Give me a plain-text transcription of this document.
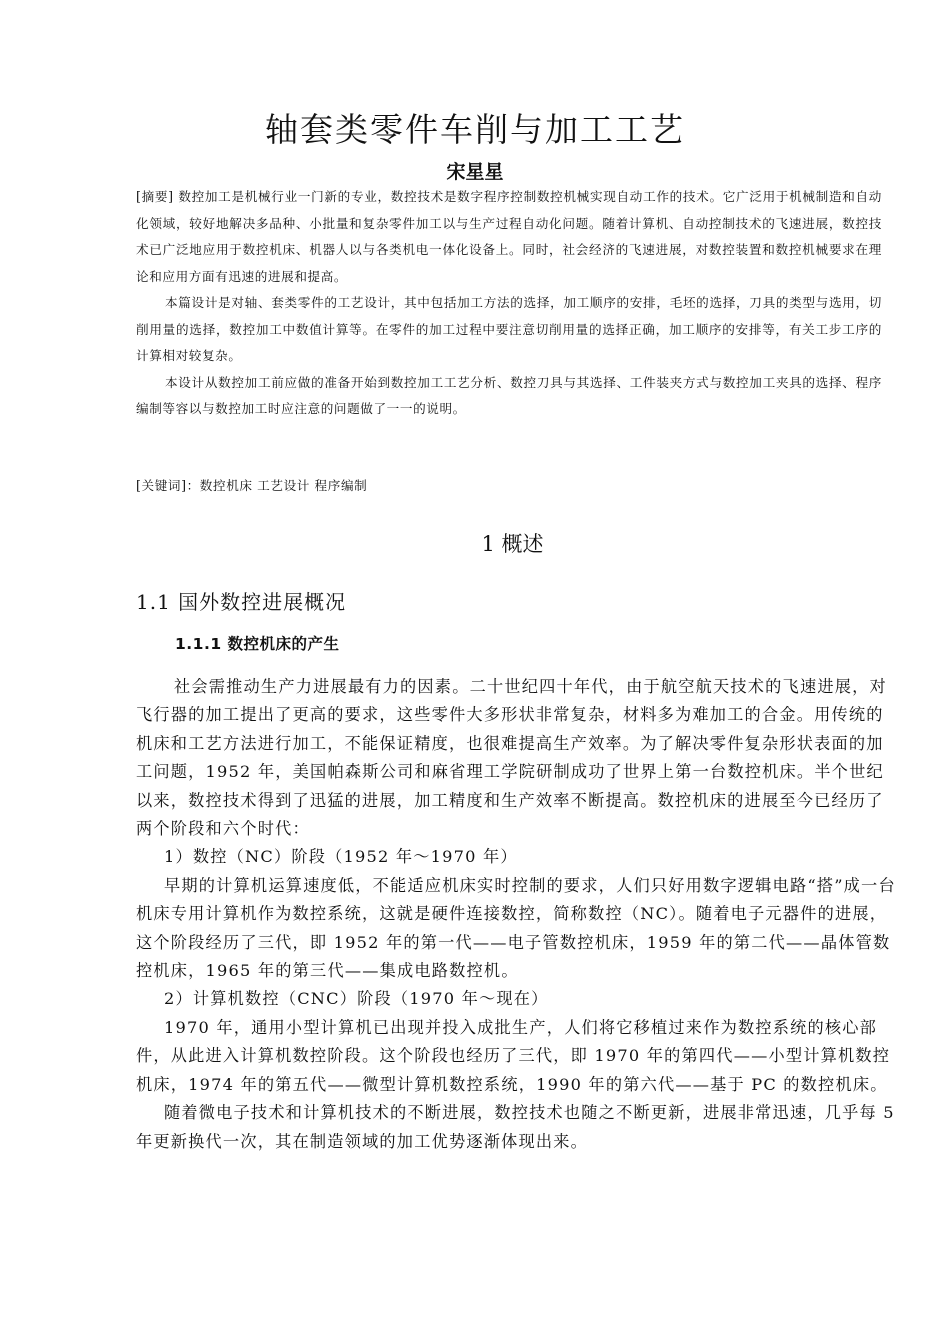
轴套类零件车削与加工工艺
宋星星

[摘要] 数控加工是机械行业一门新的专业，数控技术是数字程序控制数控机械实现自动工作的技术。它广泛用于机械制造和自动化领域，较好地解决多品种、小批量和复杂零件加工以与生产过程自动化问题。随着计算机、自动控制技术的飞速进展，数控技术已广泛地应用于数控机床、机器人以与各类机电一体化设备上。同时，社会经济的飞速进展，对数控装置和数控机械要求在理论和应用方面有迅速的进展和提高。

本篇设计是对轴、套类零件的工艺设计，其中包括加工方法的选择，加工顺序的安排，毛坯的选择，刀具的类型与选用，切削用量的选择，数控加工中数值计算等。在零件的加工过程中要注意切削用量的选择正确，加工顺序的安排等，有关工步工序的计算相对较复杂。

本设计从数控加工前应做的准备开始到数控加工工艺分析、数控刀具与其选择、工件装夹方式与数控加工夹具的选择、程序编制等容以与数控加工时应注意的问题做了一一的说明。

[关键词]：数控机床 工艺设计 程序编制
1 概述
1.1 国外数控进展概况
1.1.1 数控机床的产生

社会需推动生产力进展最有力的因素。二十世纪四十年代，由于航空航天技术的飞速进展，对飞行器的加工提出了更高的要求，这些零件大多形状非常复杂，材料多为难加工的合金。用传统的机床和工艺方法进行加工，不能保证精度，也很难提高生产效率。为了解决零件复杂形状表面的加工问题，1952 年，美国帕森斯公司和麻省理工学院研制成功了世界上第一台数控机床。半个世纪以来，数控技术得到了迅猛的进展，加工精度和生产效率不断提高。数控机床的进展至今已经历了两个阶段和六个时代：

1）数控（NC）阶段（1952 年～1970 年）

早期的计算机运算速度低，不能适应机床实时控制的要求，人们只好用数字逻辑电路“搭”成一台机床专用计算机作为数控系统，这就是硬件连接数控，简称数控（NC）。随着电子元器件的进展，这个阶段经历了三代，即 1952 年的第一代——电子管数控机床，1959 年的第二代——晶体管数控机床，1965 年的第三代——集成电路数控机。

2）计算机数控（CNC）阶段（1970 年～现在）

1970 年，通用小型计算机已出现并投入成批生产，人们将它移植过来作为数控系统的核心部件，从此进入计算机数控阶段。这个阶段也经历了三代，即 1970 年的第四代——小型计算机数控机床，1974 年的第五代——微型计算机数控系统，1990 年的第六代——基于 PC 的数控机床。

随着微电子技术和计算机技术的不断进展，数控技术也随之不断更新，进展非常迅速，几乎每 5 年更新换代一次，其在制造领域的加工优势逐渐体现出来。
